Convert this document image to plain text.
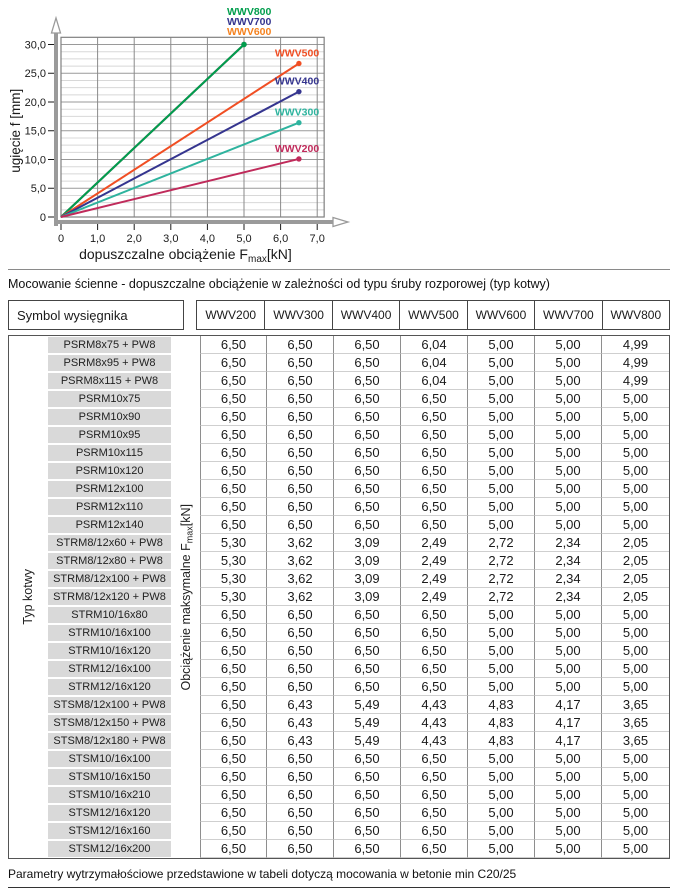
0 1,0 2,0 3,0 4,0 5,0 6,0 7,0
0
5,0
10,0
15,0
20,0
25,0
30,0
WWV500
WWV400
WWV300
WWV200
WWV800
WWV700
WWV600
ugięcie f [mm]
dopuszczalne obciążenie $F_{max}[kN]$
Mocowanie ścienne - dopuszczalne obciążenie w zależności od typu śruby rozporowej (typ kotwy)
Symbol wysięgnika	WWV200	WWV300	WWV400	WWV500	WWV600	WWV700	WWV800
Typ kotwy	Obciążenie maksymalne $F_{max}[kN]$
PSRM8x75 + PW8	6,50	6,50	6,50	6,04	5,00	5,00	4,99
PSRM8x95 + PW8	6,50	6,50	6,50	6,04	5,00	5,00	4,99
PSRM8x115 + PW8	6,50	6,50	6,50	6,04	5,00	5,00	4,99
PSRM10x75	6,50	6,50	6,50	6,50	5,00	5,00	5,00
PSRM10x90	6,50	6,50	6,50	6,50	5,00	5,00	5,00
PSRM10x95	6,50	6,50	6,50	6,50	5,00	5,00	5,00
PSRM10x115	6,50	6,50	6,50	6,50	5,00	5,00	5,00
PSRM10x120	6,50	6,50	6,50	6,50	5,00	5,00	5,00
PSRM12x100	6,50	6,50	6,50	6,50	5,00	5,00	5,00
PSRM12x110	6,50	6,50	6,50	6,50	5,00	5,00	5,00
PSRM12x140	6,50	6,50	6,50	6,50	5,00	5,00	5,00
STRM8/12x60 + PW8	5,30	3,62	3,09	2,49	2,72	2,34	2,05
STRM8/12x80 + PW8	5,30	3,62	3,09	2,49	2,72	2,34	2,05
STRM8/12x100 + PW8	5,30	3,62	3,09	2,49	2,72	2,34	2,05
STRM8/12x120 + PW8	5,30	3,62	3,09	2,49	2,72	2,34	2,05
STRM10/16x80	6,50	6,50	6,50	6,50	5,00	5,00	5,00
STRM10/16x100	6,50	6,50	6,50	6,50	5,00	5,00	5,00
STRM10/16x120	6,50	6,50	6,50	6,50	5,00	5,00	5,00
STRM12/16x100	6,50	6,50	6,50	6,50	5,00	5,00	5,00
STRM12/16x120	6,50	6,50	6,50	6,50	5,00	5,00	5,00
STSM8/12x100 + PW8	6,50	6,43	5,49	4,43	4,83	4,17	3,65
STSM8/12x150 + PW8	6,50	6,43	5,49	4,43	4,83	4,17	3,65
STSM8/12x180 + PW8	6,50	6,43	5,49	4,43	4,83	4,17	3,65
STSM10/16x100	6,50	6,50	6,50	6,50	5,00	5,00	5,00
STSM10/16x150	6,50	6,50	6,50	6,50	5,00	5,00	5,00
STSM10/16x210	6,50	6,50	6,50	6,50	5,00	5,00	5,00
STSM12/16x120	6,50	6,50	6,50	6,50	5,00	5,00	5,00
STSM12/16x160	6,50	6,50	6,50	6,50	5,00	5,00	5,00
STSM12/16x200	6,50	6,50	6,50	6,50	5,00	5,00	5,00
Parametry wytrzymałościowe przedstawione w tabeli dotyczą mocowania w betonie min C20/25
